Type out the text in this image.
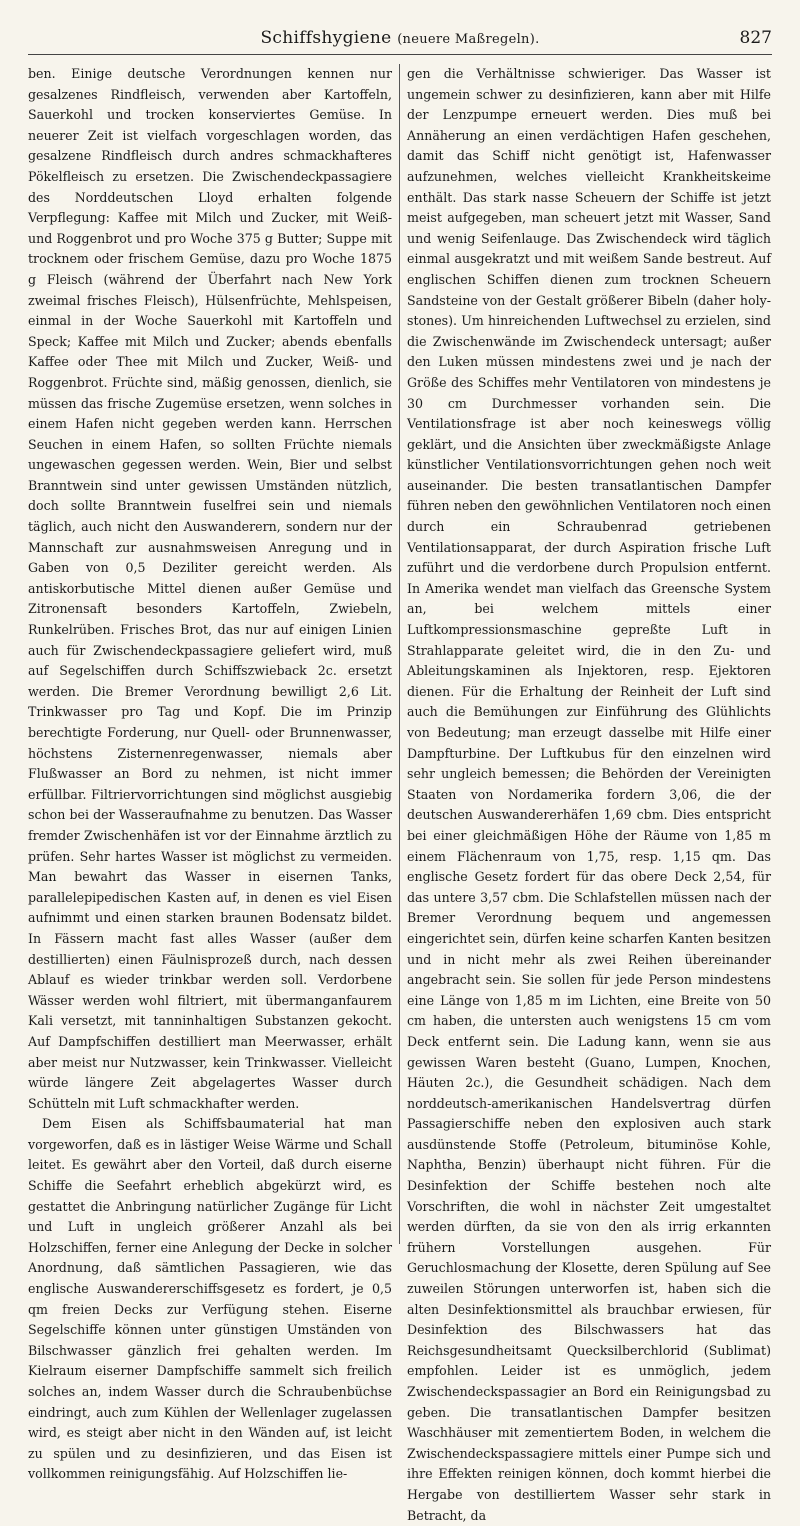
Schiffshygiene (neuere Maßregeln).	827

ben. Einige deutsche Verordnungen kennen nur gesalzenes Rindfleisch, verwenden aber Kartoffeln, Sauerkohl und trocken konserviertes Gemüse. In neuerer Zeit ist vielfach vorgeschlagen worden, das gesalzene Rindfleisch durch andres schmackhafteres Pökelfleisch zu ersetzen. Die Zwischendeckpassagiere des Norddeutschen Lloyd erhalten folgende Verpflegung: Kaffee mit Milch und Zucker, mit Weiß- und Roggenbrot und pro Woche 375 g Butter; Suppe mit trocknem oder frischem Gemüse, dazu pro Woche 1875 g Fleisch (während der Überfahrt nach New York zweimal frisches Fleisch), Hülsenfrüchte, Mehlspeisen, einmal in der Woche Sauerkohl mit Kartoffeln und Speck; Kaffee mit Milch und Zucker; abends ebenfalls Kaffee oder Thee mit Milch und Zucker, Weiß- und Roggenbrot. Früchte sind, mäßig genossen, dienlich, sie müssen das frische Zugemüse ersetzen, wenn solches in einem Hafen nicht gegeben werden kann. Herrschen Seuchen in einem Hafen, so sollten Früchte niemals ungewaschen gegessen werden. Wein, Bier und selbst Branntwein sind unter gewissen Umständen nützlich, doch sollte Branntwein fuselfrei sein und niemals täglich, auch nicht den Auswanderern, sondern nur der Mannschaft zur ausnahmsweisen Anregung und in Gaben von 0,5 Deziliter gereicht werden. Als antiskorbutische Mittel dienen außer Gemüse und Zitronensaft besonders Kartoffeln, Zwiebeln, Runkelrüben. Frisches Brot, das nur auf einigen Linien auch für Zwischendeckpassagiere geliefert wird, muß auf Segelschiffen durch Schiffszwieback 2c. ersetzt werden. Die Bremer Verordnung bewilligt 2,6 Lit. Trinkwasser pro Tag und Kopf. Die im Prinzip berechtigte Forderung, nur Quell- oder Brunnenwasser, höchstens Zisternenregenwasser, niemals aber Flußwasser an Bord zu nehmen, ist nicht immer erfüllbar. Filtriervorrichtungen sind möglichst ausgiebig schon bei der Wasseraufnahme zu benutzen. Das Wasser fremder Zwischenhäfen ist vor der Einnahme ärztlich zu prüfen. Sehr hartes Wasser ist möglichst zu vermeiden. Man bewahrt das Wasser in eisernen Tanks, parallelepipedischen Kasten auf, in denen es viel Eisen aufnimmt und einen starken braunen Bodensatz bildet. In Fässern macht fast alles Wasser (außer dem destillierten) einen Fäulnisprozeß durch, nach dessen Ablauf es wieder trinkbar werden soll. Verdorbene Wässer werden wohl filtriert, mit übermanganfaurem Kali versetzt, mit tanninhaltigen Substanzen gekocht. Auf Dampfschiffen destilliert man Meerwasser, erhält aber meist nur Nutzwasser, kein Trinkwasser. Vielleicht würde längere Zeit abgelagertes Wasser durch Schütteln mit Luft schmackhafter werden.

Dem Eisen als Schiffsbaumaterial hat man vorgeworfen, daß es in lästiger Weise Wärme und Schall leitet. Es gewährt aber den Vorteil, daß durch eiserne Schiffe die Seefahrt erheblich abgekürzt wird, es gestattet die Anbringung natürlicher Zugänge für Licht und Luft in ungleich größerer Anzahl als bei Holzschiffen, ferner eine Anlegung der Decke in solcher Anordnung, daß sämtlichen Passagieren, wie das englische Auswandererschiffsgesetz es fordert, je 0,5 qm freien Decks zur Verfügung stehen. Eiserne Segelschiffe können unter günstigen Umständen von Bilschwasser gänzlich frei gehalten werden. Im Kielraum eiserner Dampfschiffe sammelt sich freilich solches an, indem Wasser durch die Schraubenbüchse eindringt, auch zum Kühlen der Wellenlager zugelassen wird, es steigt aber nicht in den Wänden auf, ist leicht zu spülen und zu desinfizieren, und das Eisen ist vollkommen reinigungsfähig. Auf Holzschiffen lie-

gen die Verhältnisse schwieriger. Das Wasser ist ungemein schwer zu desinfizieren, kann aber mit Hilfe der Lenzpumpe erneuert werden. Dies muß bei Annäherung an einen verdächtigen Hafen geschehen, damit das Schiff nicht genötigt ist, Hafenwasser aufzunehmen, welches vielleicht Krankheitskeime enthält. Das stark nasse Scheuern der Schiffe ist jetzt meist aufgegeben, man scheuert jetzt mit Wasser, Sand und wenig Seifenlauge. Das Zwischendeck wird täglich einmal ausgekratzt und mit weißem Sande bestreut. Auf englischen Schiffen dienen zum trocknen Scheuern Sandsteine von der Gestalt größerer Bibeln (daher holy-stones). Um hinreichenden Luftwechsel zu erzielen, sind die Zwischenwände im Zwischendeck untersagt; außer den Luken müssen mindestens zwei und je nach der Größe des Schiffes mehr Ventilatoren von mindestens je 30 cm Durchmesser vorhanden sein. Die Ventilationsfrage ist aber noch keineswegs völlig geklärt, und die Ansichten über zweckmäßigste Anlage künstlicher Ventilationsvorrichtungen gehen noch weit auseinander. Die besten transatlantischen Dampfer führen neben den gewöhnlichen Ventilatoren noch einen durch ein Schraubenrad getriebenen Ventilationsapparat, der durch Aspiration frische Luft zuführt und die verdorbene durch Propulsion entfernt. In Amerika wendet man vielfach das Greensche System an, bei welchem mittels einer Luftkompressionsmaschine gepreßte Luft in Strahlapparate geleitet wird, die in den Zu- und Ableitungskaminen als Injektoren, resp. Ejektoren dienen. Für die Erhaltung der Reinheit der Luft sind auch die Bemühungen zur Einführung des Glühlichts von Bedeutung; man erzeugt dasselbe mit Hilfe einer Dampfturbine. Der Luftkubus für den einzelnen wird sehr ungleich bemessen; die Behörden der Vereinigten Staaten von Nordamerika fordern 3,06, die der deutschen Auswandererhäfen 1,69 cbm. Dies entspricht bei einer gleichmäßigen Höhe der Räume von 1,85 m einem Flächenraum von 1,75, resp. 1,15 qm. Das englische Gesetz fordert für das obere Deck 2,54, für das untere 3,57 cbm. Die Schlafstellen müssen nach der Bremer Verordnung bequem und angemessen eingerichtet sein, dürfen keine scharfen Kanten besitzen und in nicht mehr als zwei Reihen übereinander angebracht sein. Sie sollen für jede Person mindestens eine Länge von 1,85 m im Lichten, eine Breite von 50 cm haben, die untersten auch wenigstens 15 cm vom Deck entfernt sein. Die Ladung kann, wenn sie aus gewissen Waren besteht (Guano, Lumpen, Knochen, Häuten 2c.), die Gesundheit schädigen. Nach dem norddeutsch-amerikanischen Handelsvertrag dürfen Passagierschiffe neben den explosiven auch stark ausdünstende Stoffe (Petroleum, bituminöse Kohle, Naphtha, Benzin) überhaupt nicht führen. Für die Desinfektion der Schiffe bestehen noch alte Vorschriften, die wohl in nächster Zeit umgestaltet werden dürften, da sie von den als irrig erkannten frühern Vorstellungen ausgehen. Für Geruchlosmachung der Klosette, deren Spülung auf See zuweilen Störungen unterworfen ist, haben sich die alten Desinfektionsmittel als brauchbar erwiesen, für Desinfektion des Bilschwassers hat das Reichsgesundheitsamt Quecksilberchlorid (Sublimat) empfohlen. Leider ist es unmöglich, jedem Zwischendeckspassagier an Bord ein Reinigungsbad zu geben. Die transatlantischen Dampfer besitzen Waschhäuser mit zementiertem Boden, in welchem die Zwischendeckspassagiere mittels einer Pumpe sich und ihre Effekten reinigen können, doch kommt hierbei die Hergabe von destilliertem Wasser sehr stark in Betracht, da
